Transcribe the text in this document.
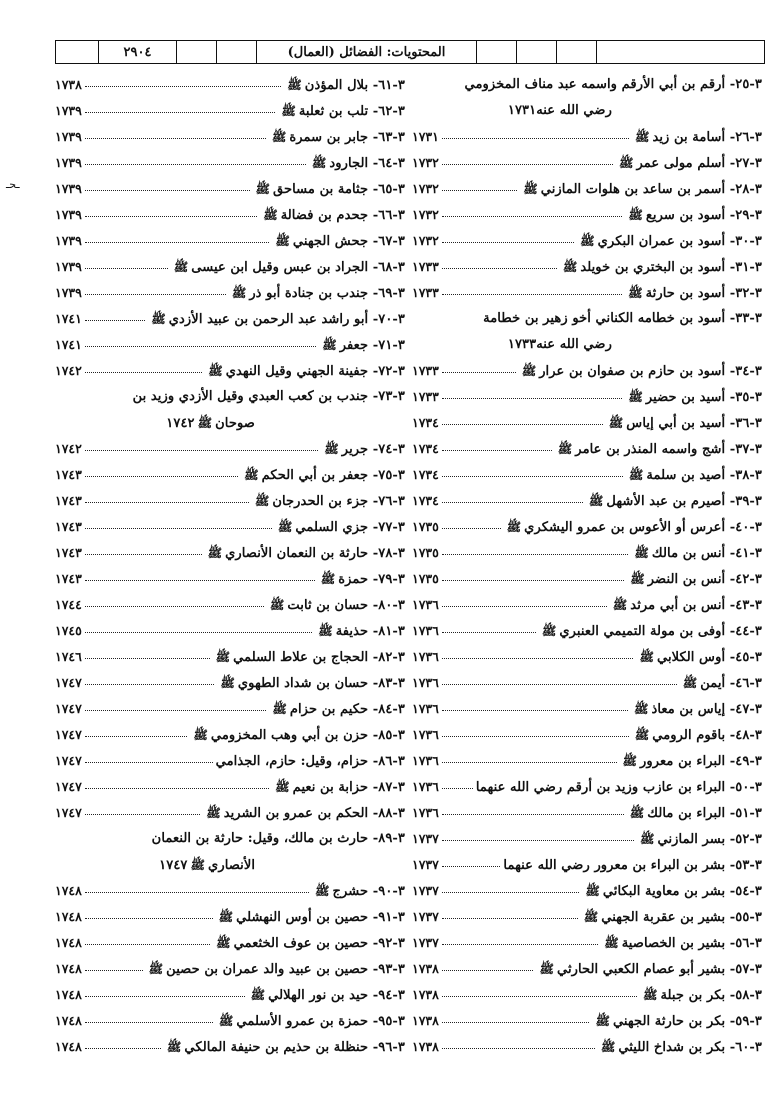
٢٩٠٤	المحتويات: الفضائل (العمال)
ـحـ
٣-٢٥- أرقم بن أبي الأرقم واسمه عبد مناف المخزومي
رضي الله عنه
١٧٣١
٣-٢٦- أسامة بن زيد
ﷺ
١٧٣١
٣-٢٧- أسلم مولى عمر
ﷺ
١٧٣٢
٣-٢٨- أسمر بن ساعد بن هلوات المازني
ﷺ
١٧٣٢
٣-٢٩- أسود بن سريع
ﷺ
١٧٣٢
٣-٣٠- أسود بن عمران البكري
ﷺ
١٧٣٢
٣-٣١- أسود بن البختري بن خويلد
ﷺ
١٧٣٣
٣-٣٢- أسود بن حارثة
ﷺ
١٧٣٣
٣-٣٣- أسود بن خطامه الكناني أخو زهير بن خطامة
رضي الله عنه
١٧٣٣
٣-٣٤- أسود بن حازم بن صفوان بن عرار
ﷺ
١٧٣٣
٣-٣٥- أسيد بن حضير
ﷺ
١٧٣٣
٣-٣٦- أسيد بن أبي إياس
ﷺ
١٧٣٤
٣-٣٧- أشج واسمه المنذر بن عامر
ﷺ
١٧٣٤
٣-٣٨- أصيد بن سلمة
ﷺ
١٧٣٤
٣-٣٩- أصيرم بن عبد الأشهل
ﷺ
١٧٣٤
٣-٤٠- أعرس أو الأعوس بن عمرو اليشكري
ﷺ
١٧٣٥
٣-٤١- أنس بن مالك
ﷺ
١٧٣٥
٣-٤٢- أنس بن النضر
ﷺ
١٧٣٥
٣-٤٣- أنس بن أبي مرثد
ﷺ
١٧٣٦
٣-٤٤- أوفى بن مولة التميمي العنبري
ﷺ
١٧٣٦
٣-٤٥- أوس الكلابي
ﷺ
١٧٣٦
٣-٤٦- أيمن
ﷺ
١٧٣٦
٣-٤٧- إياس بن معاذ
ﷺ
١٧٣٦
٣-٤٨- باقوم الرومي
ﷺ
١٧٣٦
٣-٤٩- البراء بن معرور
ﷺ
١٧٣٦
٣-٥٠- البراء بن عازب وزيد بن أرقم رضي الله عنهما
١٧٣٦
٣-٥١- البراء بن مالك
ﷺ
١٧٣٦
٣-٥٢- بسر المازني
ﷺ
١٧٣٧
٣-٥٣- بشر بن البراء بن معرور رضي الله عنهما
١٧٣٧
٣-٥٤- بشر بن معاوية البكائي
ﷺ
١٧٣٧
٣-٥٥- بشير بن عقربة الجهني
ﷺ
١٧٣٧
٣-٥٦- بشير بن الخصاصية
ﷺ
١٧٣٧
٣-٥٧- بشير أبو عصام الكعبي الحارثي
ﷺ
١٧٣٨
٣-٥٨- بكر بن جبلة
ﷺ
١٧٣٨
٣-٥٩- بكر بن حارثة الجهني
ﷺ
١٧٣٨
٣-٦٠- بكر بن شداخ الليثي
ﷺ
١٧٣٨
٣-٦١- بلال المؤذن
ﷺ
١٧٣٨
٣-٦٢- تلب بن ثعلبة
ﷺ
١٧٣٩
٣-٦٣- جابر بن سمرة
ﷺ
١٧٣٩
٣-٦٤- الجارود
ﷺ
١٧٣٩
٣-٦٥- جثامة بن مساحق
ﷺ
١٧٣٩
٣-٦٦- جحدم بن فضالة
ﷺ
١٧٣٩
٣-٦٧- جحش الجهني
ﷺ
١٧٣٩
٣-٦٨- الجراد بن عبس وقيل ابن عيسى
ﷺ
١٧٣٩
٣-٦٩- جندب بن جنادة أبو ذر
ﷺ
١٧٣٩
٣-٧٠- أبو راشد عبد الرحمن بن عبيد الأزدي
ﷺ
١٧٤١
٣-٧١- جعفر
ﷺ
١٧٤١
٣-٧٢- جفينة الجهني وقيل النهدي
ﷺ
١٧٤٢
٣-٧٣- جندب بن كعب العبدي وقيل الأزدي وزيد بن
صوحان
ﷺ
١٧٤٢
٣-٧٤- جرير
ﷺ
١٧٤٢
٣-٧٥- جعفر بن أبي الحكم
ﷺ
١٧٤٣
٣-٧٦- جزء بن الحدرجان
ﷺ
١٧٤٣
٣-٧٧- جزي السلمي
ﷺ
١٧٤٣
٣-٧٨- حارثة بن النعمان الأنصاري
ﷺ
١٧٤٣
٣-٧٩- حمزة
ﷺ
١٧٤٣
٣-٨٠- حسان بن ثابت
ﷺ
١٧٤٤
٣-٨١- حذيفة
ﷺ
١٧٤٥
٣-٨٢- الحجاج بن علاط السلمي
ﷺ
١٧٤٦
٣-٨٣- حسان بن شداد الطهوي
ﷺ
١٧٤٧
٣-٨٤- حكيم بن حزام
ﷺ
١٧٤٧
٣-٨٥- حزن بن أبي وهب المخزومي
ﷺ
١٧٤٧
٣-٨٦- حزام، وقيل: حازم، الجذامي
١٧٤٧
٣-٨٧- حزابة بن نعيم
ﷺ
١٧٤٧
٣-٨٨- الحكم بن عمرو بن الشريد
ﷺ
١٧٤٧
٣-٨٩- حارث بن مالك، وقيل: حارثة بن النعمان
الأنصاري
ﷺ
١٧٤٧
٣-٩٠- حشرج
ﷺ
١٧٤٨
٣-٩١- حصين بن أوس النهشلي
ﷺ
١٧٤٨
٣-٩٢- حصين بن عوف الخثعمي
ﷺ
١٧٤٨
٣-٩٣- حصين بن عبيد والد عمران بن حصين
ﷺ
١٧٤٨
٣-٩٤- حيد بن نور الهلالي
ﷺ
١٧٤٨
٣-٩٥- حمزة بن عمرو الأسلمي
ﷺ
١٧٤٨
٣-٩٦- حنظلة بن حذيم بن حنيفة المالكي
ﷺ
١٧٤٨
